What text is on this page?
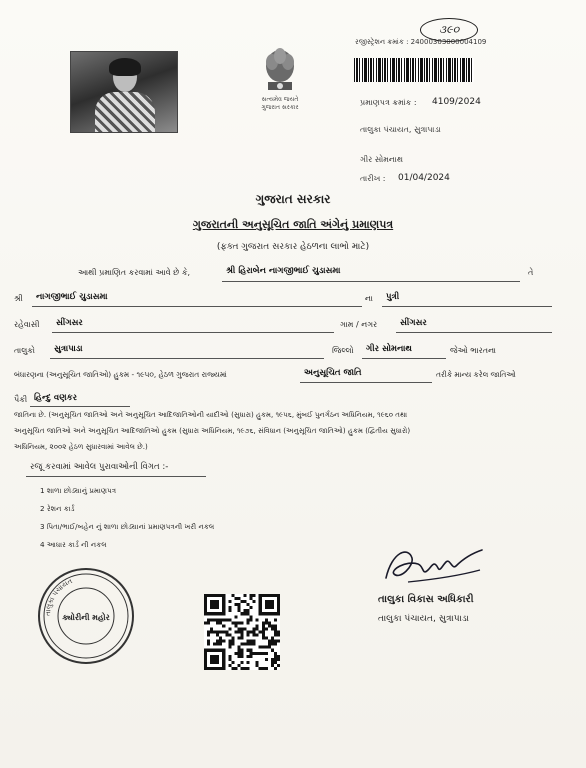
સત્યમેવ જયતે
ગુજરાત સરકાર
૩૯૦
રજીસ્ટ્રેશન ક્રમાંક : 24000303000004109
પ્રમાણપત્ર ક્રમાંક : 4109/2024
તાલુકા પંચાયત, સુત્રાપાડા
ગીર સોમનાથ
તારીખ : 01/04/2024
ગુજરાત સરકાર
ગુજરાતની અનુસૂચિત જાતિ અંગેનું પ્રમાણપત્ર
(ફક્ત ગુજરાત સરકાર હેઠળના લાભો માટે)
આથી પ્રમાણિત કરવામાં આવે છે કે,	શ્રી હિરાબેન નાગજીભાઈ ચુડાસમા	તે
શ્રી નાગજીભાઈ ચુડાસમા	ના પુત્રી
રહેવાસી સીંગસર	ગામ / નગર	સીંગસર
તાલુકો સુત્રાપાડા	જિલ્લો ગીર સોમનાથ	જેઓ ભારતના
બંધારણના (અનુસૂચિત જાતિઓ) હુકમ - ૧૯૫૦, હેઠળ ગુજરાત રાજ્યમાં	અનુસૂચિત જાતિ	તરીકે માન્ય કરેલ જાતિઓ
પૈકી હિન્દુ વણકર
જાતિના છે. (અનુસૂચિત જાતિઓ અને અનુસૂચિત આદિજાતિઓની યાદીઓ (સુધારા) હુકમ, ૧૯૫૬, મુંબઈ પુનર્ગઠન અધિનિયમ, ૧૯૬૦ તથા
અનુસૂચિત જાતિઓ અને અનુસૂચિત આદિજાતિઓ હુકમ (સુધારા અધિનિયમ, ૧૯૭૬, સંવિધાન (અનુસૂચિત જાતિઓ) હુકમ (દ્વિતીય સુધારો)
અધિનિયમ, ૨૦૦૨ હેઠળ સુધારવામાં આવેલ છે.)
રજૂ કરવામાં આવેલ પુરાવાઓની વિગત :-
1 શાળા છોડ્યાનું પ્રમાણપત્ર
2 રેશન કાર્ડ
3 પિતા/ભાઈ/બહેન નું શાળા છોડ્યાનાં પ્રમાણપત્રની ખરી નકલ
4 આધાર કાર્ડ ની નકલ
તાલુકા પંચાયત
ક્યોરીની મહોર
તાલુકા વિકાસ અધિકારી
તાલુકા પંચાયત, સુત્રાપાડા
